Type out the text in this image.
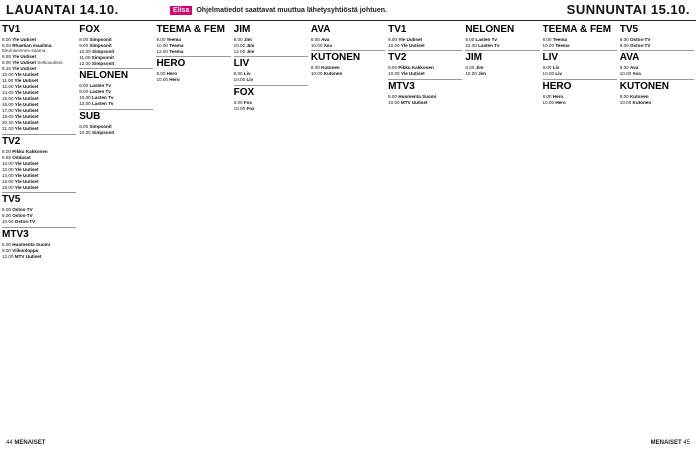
LAUANTAI 14.10.	Elisa	Ohjelmatiedot saattavat muuttua lähetysyhtiöstä johtuen.	SUNNUNTAI 15.10.
TV1
8.00 Yle Uutiset
8.03 Rhaetian maailma. Ekumeeninen saarna.
8.55 Yle Uutiset
9.00 Yle Uutiset Selkouutiset.
9.15 Yle Uutiset
10.00 Yle Uutiset
11.00 Yle Uutiset
12.00 Yle Uutiset
13.00 Yle Uutiset
15.00 Yle Uutiset
16.00 Yle Uutiset
17.00 Yle Uutiset
18.00 Yle Uutiset
20.30 Yle Uutiset
21.00 Yle Uutiset
TV2
8.00 Pikku Kakkonen
9.59 Oddasat
10.00 Yle Uutiset
12.00 Yle Uutiset
14.00 Yle Uutiset
16.00 Yle Uutiset
18.00 Yle Uutiset
TV5
6.00 Ostos-TV
9.00 Ostos-TV
10.00 Ostos-TV
MTV3
6.00 Huomenta Suomi
9.00 Viikonloppu
12.00 MTV Uutiset
FOX
8.00 Simpsonit
9.00 Simpsonit
10.00 Simpsonit
11.00 Simpsonit
12.00 Simpsonit
NELONEN
6.00 Lasten Tv
8.00 Lasten Tv
10.00 Lasten Tv
12.00 Lasten Tv
SUB
8.00 Simpsonit
10.00 Simpsonit
TEEMA & FEM
8.00 Teema
10.00 Teema
12.00 Teema
HERO
8.00 Hero
10.00 Hero
JIM
8.00 Jim
10.00 Jim
12.00 Jim
LIV
8.00 Liv
10.00 Liv
FOX
8.00 Fox
10.00 Fox
AVA
8.00 Ava
10.00 Ava
KUTONEN
8.00 Kutonen
10.00 Kutonen
TV1
8.00 Yle Uutiset
10.00 Yle Uutiset
TV2
8.00 Pikku Kakkonen
10.00 Yle Uutiset
MTV3
8.00 Huomenta Suomi
10.00 MTV Uutiset
NELONEN
8.00 Lasten Tv
10.00 Lasten Tv
JIM
8.00 Jim
10.00 Jim
TEEMA & FEM
8.00 Teema
10.00 Teema
LIV
8.00 Liv
10.00 Liv
HERO
8.00 Hero
10.00 Hero
TV5
6.00 Ostos-TV
9.00 Ostos-TV
AVA
8.00 Ava
10.00 Ava
KUTONEN
8.00 Kutonen
10.00 Kutonen
44 MENAISET	MENAISET 45
